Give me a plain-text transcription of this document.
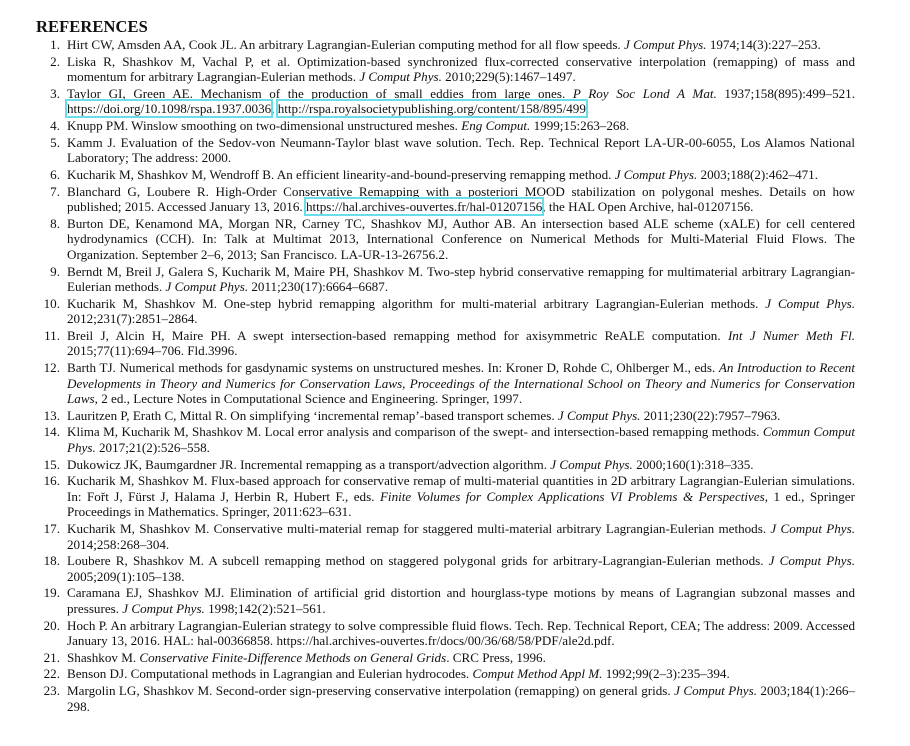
REFERENCES
1. Hirt CW, Amsden AA, Cook JL. An arbitrary Lagrangian-Eulerian computing method for all flow speeds. J Comput Phys. 1974;14(3):227–253.
2. Liska R, Shashkov M, Vachal P, et al. Optimization-based synchronized flux-corrected conservative interpolation (remapping) of mass and momentum for arbitrary Lagrangian-Eulerian methods. J Comput Phys. 2010;229(5):1467–1497.
3. Taylor GI, Green AE. Mechanism of the production of small eddies from large ones. P Roy Soc Lond A Mat. 1937;158(895):499–521. https://doi.org/10.1098/rspa.1937.0036, http://rspa.royalsocietypublishing.org/content/158/895/499.
4. Knupp PM. Winslow smoothing on two-dimensional unstructured meshes. Eng Comput. 1999;15:263–268.
5. Kamm J. Evaluation of the Sedov-von Neumann-Taylor blast wave solution. Tech. Rep. Technical Report LA-UR-00-6055, Los Alamos National Laboratory; The address: 2000.
6. Kucharik M, Shashkov M, Wendroff B. An efficient linearity-and-bound-preserving remapping method. J Comput Phys. 2003;188(2):462–471.
7. Blanchard G, Loubere R. High-Order Conservative Remapping with a posteriori MOOD stabilization on polygonal meshes. Details on how published; 2015. Accessed January 13, 2016. https://hal.archives-ouvertes.fr/hal-01207156, the HAL Open Archive, hal-01207156.
8. Burton DE, Kenamond MA, Morgan NR, Carney TC, Shashkov MJ, Author AB. An intersection based ALE scheme (xALE) for cell centered hydrodynamics (CCH). In: Talk at Multimat 2013, International Conference on Numerical Methods for Multi-Material Fluid Flows. The Organization. September 2–6, 2013; San Francisco. LA-UR-13-26756.2.
9. Berndt M, Breil J, Galera S, Kucharik M, Maire PH, Shashkov M. Two-step hybrid conservative remapping for multimaterial arbitrary Lagrangian-Eulerian methods. J Comput Phys. 2011;230(17):6664–6687.
10. Kucharik M, Shashkov M. One-step hybrid remapping algorithm for multi-material arbitrary Lagrangian-Eulerian methods. J Comput Phys. 2012;231(7):2851–2864.
11. Breil J, Alcin H, Maire PH. A swept intersection-based remapping method for axisymmetric ReALE computation. Int J Numer Meth Fl. 2015;77(11):694–706. Fld.3996.
12. Barth TJ. Numerical methods for gasdynamic systems on unstructured meshes. In: Kroner D, Rohde C, Ohlberger M., eds. An Introduction to Recent Developments in Theory and Numerics for Conservation Laws, Proceedings of the International School on Theory and Numerics for Conservation Laws, 2 ed., Lecture Notes in Computational Science and Engineering. Springer, 1997.
13. Lauritzen P, Erath C, Mittal R. On simplifying ‘incremental remap’-based transport schemes. J Comput Phys. 2011;230(22):7957–7963.
14. Klima M, Kucharik M, Shashkov M. Local error analysis and comparison of the swept- and intersection-based remapping methods. Commun Comput Phys. 2017;21(2):526–558.
15. Dukowicz JK, Baumgardner JR. Incremental remapping as a transport/advection algorithm. J Comput Phys. 2000;160(1):318–335.
16. Kucharik M, Shashkov M. Flux-based approach for conservative remap of multi-material quantities in 2D arbitrary Lagrangian-Eulerian simulations. In: Fořt J, Fürst J, Halama J, Herbin R, Hubert F., eds. Finite Volumes for Complex Applications VI Problems & Perspectives, 1 ed., Springer Proceedings in Mathematics. Springer, 2011:623–631.
17. Kucharik M, Shashkov M. Conservative multi-material remap for staggered multi-material arbitrary Lagrangian-Eulerian methods. J Comput Phys. 2014;258:268–304.
18. Loubere R, Shashkov M. A subcell remapping method on staggered polygonal grids for arbitrary-Lagrangian-Eulerian methods. J Comput Phys. 2005;209(1):105–138.
19. Caramana EJ, Shashkov MJ. Elimination of artificial grid distortion and hourglass-type motions by means of Lagrangian subzonal masses and pressures. J Comput Phys. 1998;142(2):521–561.
20. Hoch P. An arbitrary Lagrangian-Eulerian strategy to solve compressible fluid flows. Tech. Rep. Technical Report, CEA; The address: 2009. Accessed January 13, 2016. HAL: hal-00366858. https://hal.archives-ouvertes.fr/docs/00/36/68/58/PDF/ale2d.pdf.
21. Shashkov M. Conservative Finite-Difference Methods on General Grids. CRC Press, 1996.
22. Benson DJ. Computational methods in Lagrangian and Eulerian hydrocodes. Comput Method Appl M. 1992;99(2–3):235–394.
23. Margolin LG, Shashkov M. Second-order sign-preserving conservative interpolation (remapping) on general grids. J Comput Phys. 2003;184(1):266–298.
